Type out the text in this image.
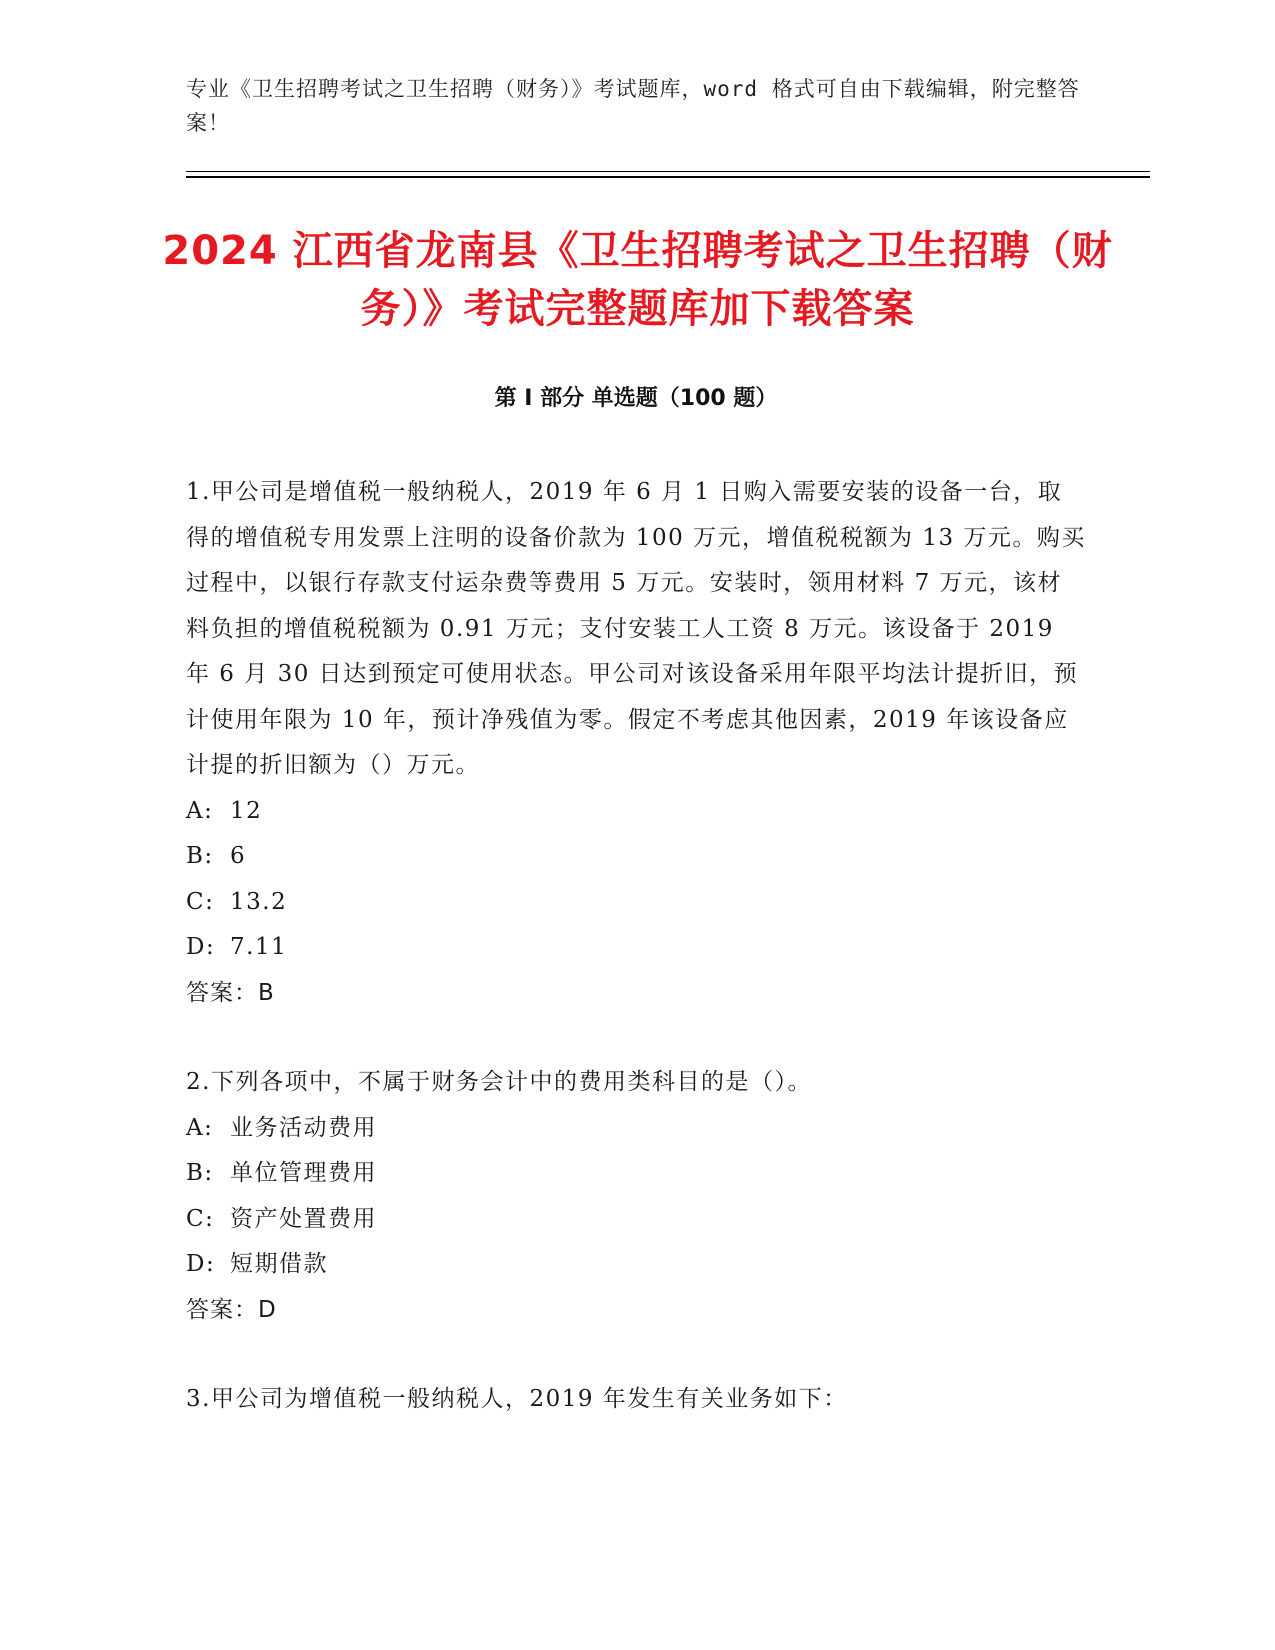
专业《卫生招聘考试之卫生招聘（财务）》考试题库，word 格式可自由下载编辑，附完整答案！
2024 江西省龙南县《卫生招聘考试之卫生招聘（财务）》考试完整题库加下载答案
第 I 部分 单选题（100 题）

1.甲公司是增值税一般纳税人，2019 年 6 月 1 日购入需要安装的设备一台，取得的增值税专用发票上注明的设备价款为 100 万元，增值税税额为 13 万元。购买过程中，以银行存款支付运杂费等费用 5 万元。安装时，领用材料 7 万元，该材料负担的增值税税额为 0.91 万元；支付安装工人工资 8 万元。该设备于 2019 年 6 月 30 日达到预定可使用状态。甲公司对该设备采用年限平均法计提折旧，预计使用年限为 10 年，预计净残值为零。假定不考虑其他因素，2019 年该设备应计提的折旧额为（）万元。

A: 12

B: 6

C: 13.2

D: 7.11

答案：B

2.下列各项中，不属于财务会计中的费用类科目的是（）。

A: 业务活动费用

B: 单位管理费用

C: 资产处置费用

D: 短期借款

答案：D

3.甲公司为增值税一般纳税人，2019 年发生有关业务如下：
